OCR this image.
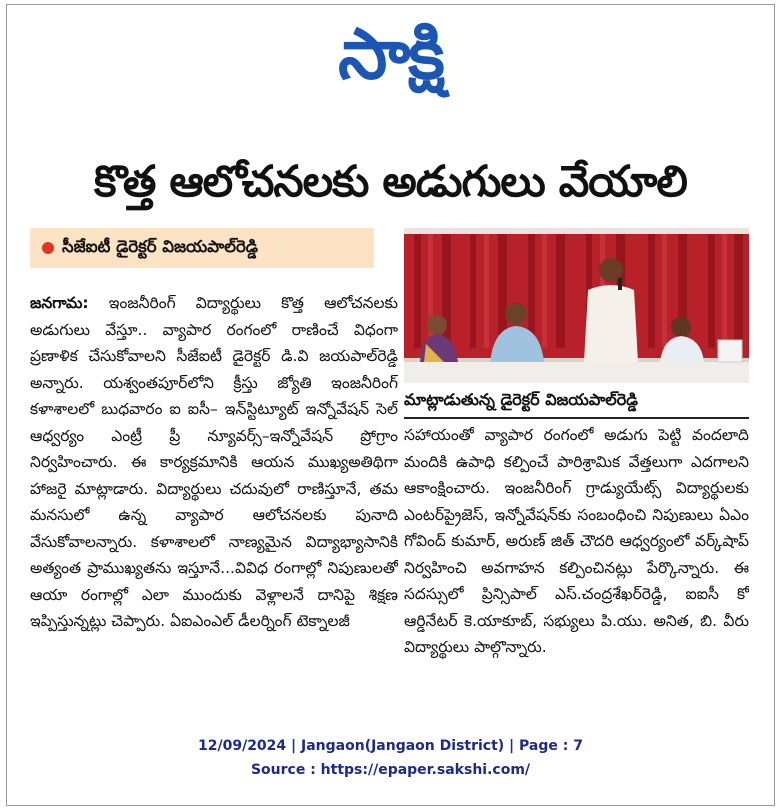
సాక్షి
కొత్త ఆలోచనలకు అడుగులు వేయాలి
సీజేఐటీ డైరెక్టర్ విజయపాల్‌రెడ్డి
జనగామ: ఇంజనీరింగ్ విద్యార్థులు కొత్త ఆలోచనలకు అడుగులు వేస్తూ.. వ్యాపార రంగంలో రాణించే విధంగా ప్రణాళిక చేసుకోవాలని సీజేఐటీ డైరెక్టర్ డి.వి జయపాల్‌రెడ్డి అన్నారు. యశ్వంతపూర్‌లోని క్రీస్తు జ్యోతి ఇంజనీరింగ్ కళాశాలలో బుధవారం ఐ ఐసీ– ఇన్‌స్టిట్యూట్ ఇన్నోవేషన్ సెల్ ఆధ్వర్యం ఎంట్రీ ప్రీ న్యూవర్స్–ఇన్నోవేషన్ ప్రోగ్రాం నిర్వహించారు. ఈ కార్యక్రమానికి ఆయన ముఖ్యఅతిథిగా హాజరై మాట్లాడారు. విద్యార్థులు చదువులో రాణిస్తూనే, తమ మనసులో ఉన్న వ్యాపార ఆలోచనలకు పునాది వేసుకోవాలన్నారు. కళాశాలలో నాణ్యమైన విద్యాభ్యాసానికి అత్యంత ప్రాముఖ్యతను ఇస్తూనే...వివిధ రంగాల్లో నిపుణులతో ఆయా రంగాల్లో ఎలా ముందుకు వెళ్లాలనే దానిపై శిక్షణ ఇప్పిస్తున్నట్లు చెప్పారు. ఏఐఎంఎల్ డీలర్నింగ్ టెక్నాలజీ
మాట్లాడుతున్న డైరెక్టర్ విజయపాల్‌రెడ్డి
సహాయంతో వ్యాపార రంగంలో అడుగు పెట్టి వందలాది మందికి ఉపాధి కల్పించే పారిశ్రామిక వేత్తలుగా ఎదగాలని ఆకాంక్షించారు. ఇంజనీరింగ్ గ్రాడ్యుయేట్స్ విద్యార్థులకు ఎంటర్‌ప్రైజెస్, ఇన్నోవేషన్‌కు సంబంధించి నిపుణులు ఏఎం గోవింద్ కుమార్, అరుణ్ జిత్ చౌదరి ఆధ్వర్యంలో వర్క్‌షాప్ నిర్వహించి అవగాహన కల్పించినట్లు పేర్కొన్నారు. ఈ సదస్సులో ప్రిన్సిపాల్ ఎస్.చంద్రశేఖర్‌రెడ్డి, ఐఐసీ కో ఆర్డినేటర్ కె.యాకూబ్, సభ్యులు పి.యు. అనిత, బి. వీరు విద్యార్థులు పాల్గొన్నారు.
12/09/2024 | Jangaon(Jangaon District) | Page : 7
Source : https://epaper.sakshi.com/
